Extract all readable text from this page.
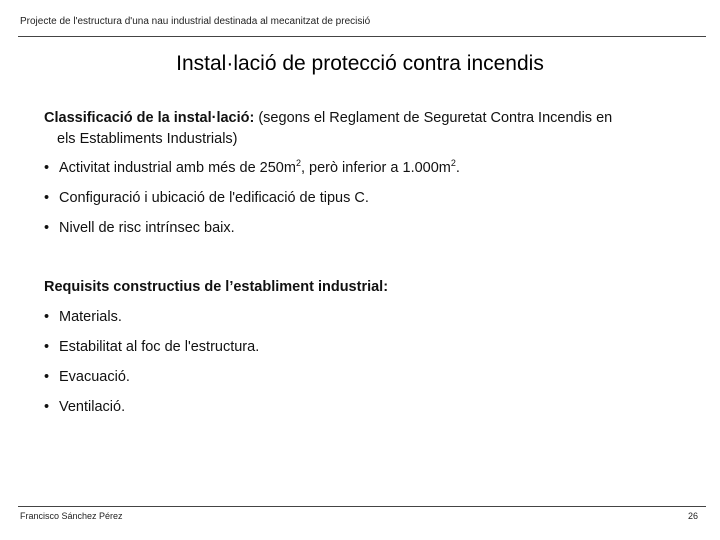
Projecte de l'estructura d'una nau industrial destinada al mecanitzat de precisió
Instal·lació de protecció contra incendis
Classificació de la instal·lació: (segons el Reglament de Seguretat Contra Incendis en
els Establiments Industrials)
• Activitat industrial amb més de $250m^2$, però inferior a $1.000m^2$.
• Configuració i ubicació de l'edificació de tipus C.
• Nivell de risc intrínsec baix.
Requisits constructius de l’establiment industrial:
• Materials.
• Estabilitat al foc de l'estructura.
• Evacuació.
• Ventilació.
Francisco Sánchez Pérez	26
